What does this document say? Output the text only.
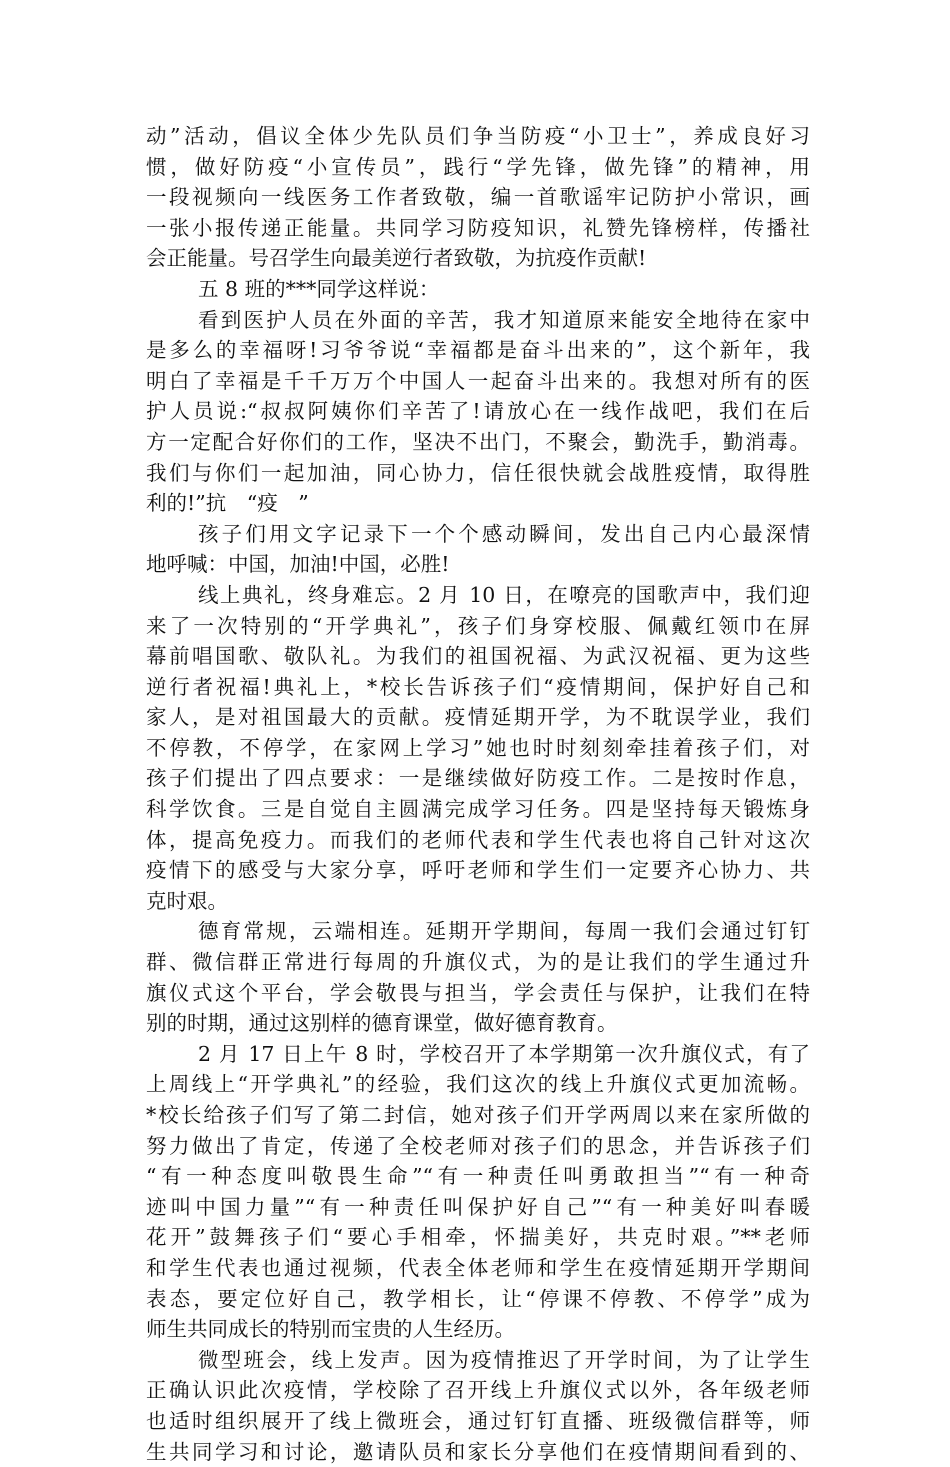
动”活动，倡议全体少先队员们争当防疫“小卫士”，养成良好习
惯，做好防疫“小宣传员”，践行“学先锋，做先锋”的精神，用
一段视频向一线医务工作者致敬，编一首歌谣牢记防护小常识，画
一张小报传递正能量。共同学习防疫知识，礼赞先锋榜样，传播社
会正能量。号召学生向最美逆行者致敬，为抗疫作贡献!
五 8 班的***同学这样说：
看到医护人员在外面的辛苦，我才知道原来能安全地待在家中
是多么的幸福呀!习爷爷说“幸福都是奋斗出来的”，这个新年，我
明白了幸福是千千万万个中国人一起奋斗出来的。我想对所有的医
护人员说:“叔叔阿姨你们辛苦了!请放心在一线作战吧，我们在后
方一定配合好你们的工作，坚决不出门，不聚会，勤洗手，勤消毒。
我们与你们一起加油，同心协力，信任很快就会战胜疫情，取得胜
利的!”抗　“疫　”
孩子们用文字记录下一个个感动瞬间，发出自己内心最深情
地呼喊：中国，加油!中国，必胜!
线上典礼，终身难忘。2 月 10 日，在嘹亮的国歌声中，我们迎
来了一次特别的“开学典礼”，孩子们身穿校服、佩戴红领巾在屏
幕前唱国歌、敬队礼。为我们的祖国祝福、为武汉祝福、更为这些
逆行者祝福!典礼上，*校长告诉孩子们“疫情期间，保护好自己和
家人，是对祖国最大的贡献。疫情延期开学，为不耽误学业，我们
不停教，不停学，在家网上学习”她也时时刻刻牵挂着孩子们，对
孩子们提出了四点要求：一是继续做好防疫工作。二是按时作息，
科学饮食。三是自觉自主圆满完成学习任务。四是坚持每天锻炼身
体，提高免疫力。而我们的老师代表和学生代表也将自己针对这次
疫情下的感受与大家分享，呼吁老师和学生们一定要齐心协力、共
克时艰。
德育常规，云端相连。延期开学期间，每周一我们会通过钉钉
群、微信群正常进行每周的升旗仪式，为的是让我们的学生通过升
旗仪式这个平台，学会敬畏与担当，学会责任与保护，让我们在特
别的时期，通过这别样的德育课堂，做好德育教育。
2 月 17 日上午 8 时，学校召开了本学期第一次升旗仪式，有了
上周线上“开学典礼”的经验，我们这次的线上升旗仪式更加流畅。
*校长给孩子们写了第二封信，她对孩子们开学两周以来在家所做的
努力做出了肯定，传递了全校老师对孩子们的思念，并告诉孩子们
“有一种态度叫敬畏生命”“有一种责任叫勇敢担当”“有一种奇
迹叫中国力量”“有一种责任叫保护好自己”“有一种美好叫春暖
花开”鼓舞孩子们“要心手相牵，怀揣美好，共克时艰。”**老师
和学生代表也通过视频，代表全体老师和学生在疫情延期开学期间
表态，要定位好自己，教学相长，让“停课不停教、不停学”成为
师生共同成长的特别而宝贵的人生经历。
微型班会，线上发声。因为疫情推迟了开学时间，为了让学生
正确认识此次疫情，学校除了召开线上升旗仪式以外，各年级老师
也适时组织展开了线上微班会，通过钉钉直播、班级微信群等，师
生共同学习和讨论，邀请队员和家长分享他们在疫情期间看到的、
